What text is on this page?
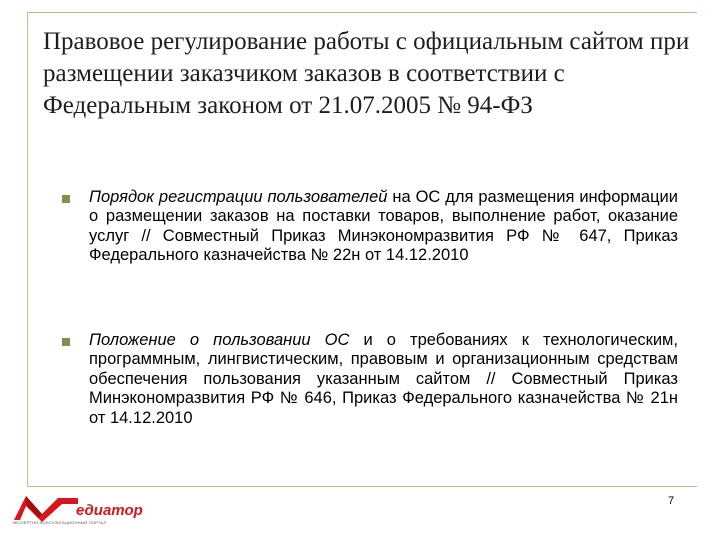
Правовое регулирование работы с официальным сайтом при размещении заказчиком заказов в соответствии с Федеральным законом от 21.07.2005 № 94-ФЗ
Порядок регистрации пользователей на ОС для размещения информации о размещении заказов на поставки товаров, выполнение работ, оказание услуг // Совместный Приказ Минэкономразвития РФ № 647, Приказ Федерального казначейства № 22н от 14.12.2010
Положение о пользовании ОС и о требованиях к технологическим, программным, лингвистическим, правовым и организационным средствам обеспечения пользования указанным сайтом // Совместный Приказ Минэкономразвития РФ № 646, Приказ Федерального казначейства № 21н от 14.12.2010
7
едиатор
ЭКСПЕРТНО-КОНСУЛЬТАЦИОННЫЙ ПОРТАЛ
